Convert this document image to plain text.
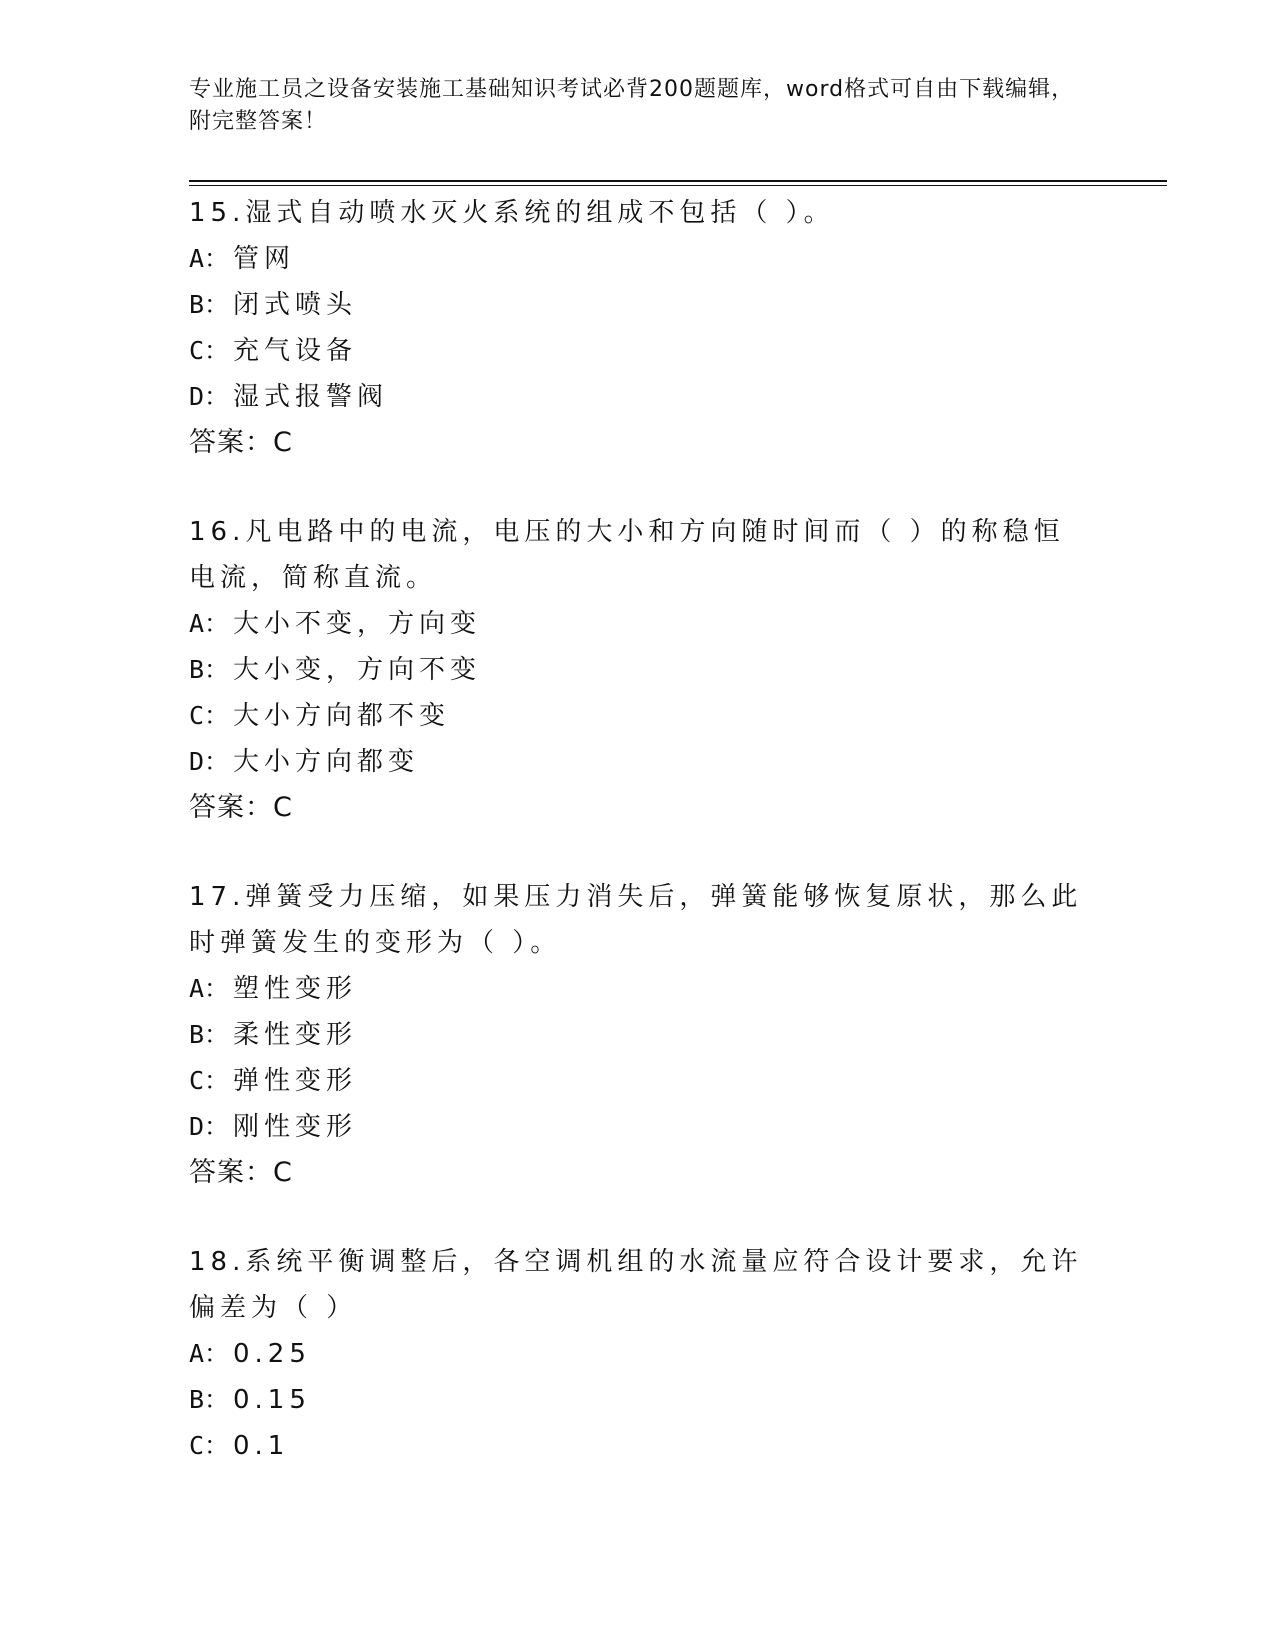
专业施工员之设备安装施工基础知识考试必背200题题库，word格式可自由下载编辑，附完整答案！

15.湿式自动喷水灭火系统的组成不包括（ ）。

A： 管网

B： 闭式喷头

C： 充气设备

D： 湿式报警阀

答案：C

16.凡电路中的电流，电压的大小和方向随时间而（ ）的称稳恒电流，简称直流。

A： 大小不变，方向变

B： 大小变，方向不变

C： 大小方向都不变

D： 大小方向都变

答案：C

17.弹簧受力压缩，如果压力消失后，弹簧能够恢复原状，那么此时弹簧发生的变形为（ ）。

A： 塑性变形

B： 柔性变形

C： 弹性变形

D： 刚性变形

答案：C

18.系统平衡调整后，各空调机组的水流量应符合设计要求，允许偏差为（ ）

A： 0.25

B： 0.15

C： 0.1
